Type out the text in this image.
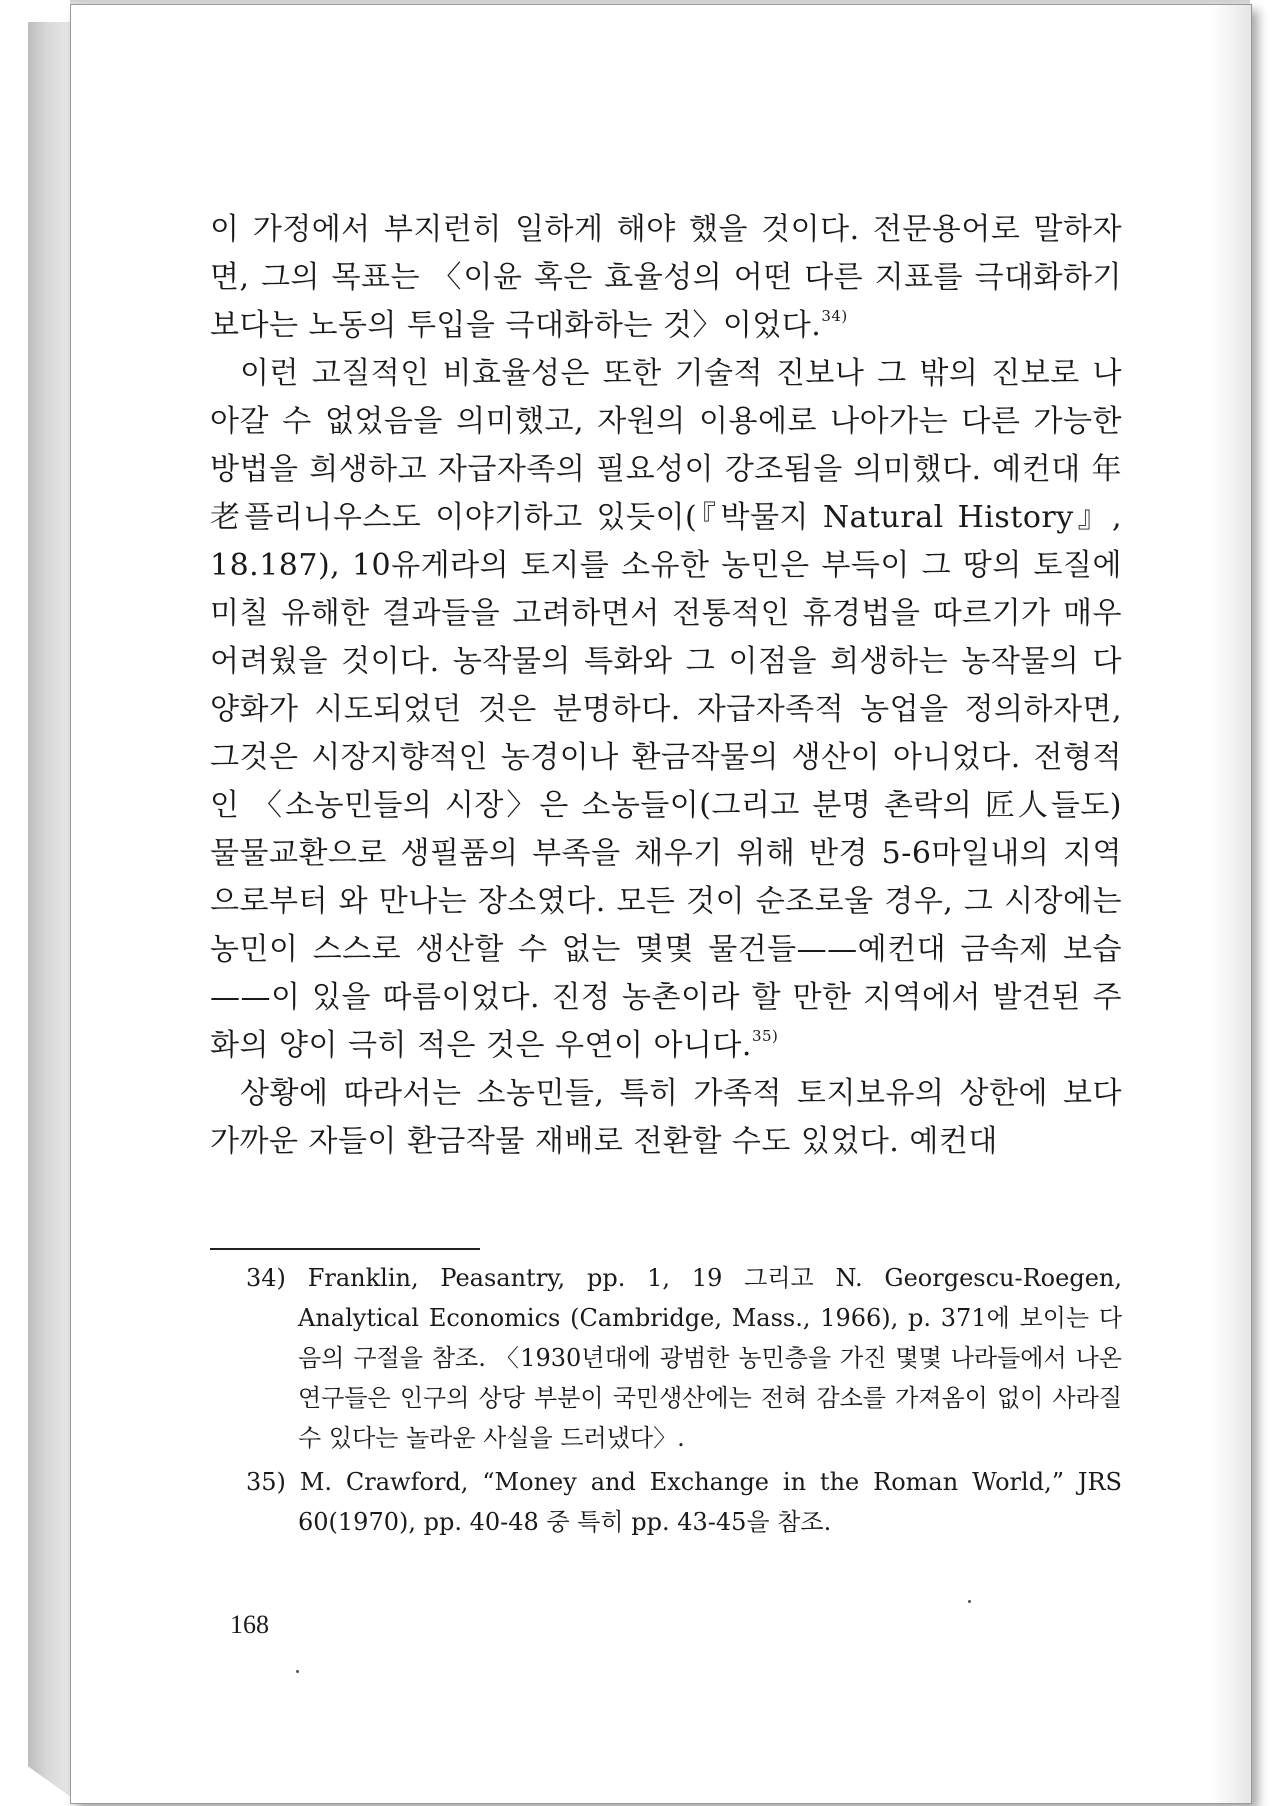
이 가정에서 부지런히 일하게 해야 했을 것이다. 전문용어로 말하자면, 그의 목표는 〈이윤 혹은 효율성의 어떤 다른 지표를 극대화하기보다는 노동의 투입을 극대화하는 것〉이었다.$^{34)}$

이런 고질적인 비효율성은 또한 기술적 진보나 그 밖의 진보로 나아갈 수 없었음을 의미했고, 자원의 이용에로 나아가는 다른 가능한 방법을 희생하고 자급자족의 필요성이 강조됨을 의미했다. 예컨대 年老플리니우스도 이야기하고 있듯이(『박물지 Natural History』, 18.187), 10유게라의 토지를 소유한 농민은 부득이 그 땅의 토질에 미칠 유해한 결과들을 고려하면서 전통적인 휴경법을 따르기가 매우 어려웠을 것이다. 농작물의 특화와 그 이점을 희생하는 농작물의 다양화가 시도되었던 것은 분명하다. 자급자족적 농업을 정의하자면, 그것은 시장지향적인 농경이나 환금작물의 생산이 아니었다. 전형적인 〈소농민들의 시장〉은 소농들이(그리고 분명 촌락의 匠人들도) 물물교환으로 생필품의 부족을 채우기 위해 반경 5-6마일내의 지역으로부터 와 만나는 장소였다. 모든 것이 순조로울 경우, 그 시장에는 농민이 스스로 생산할 수 없는 몇몇 물건들——예컨대 금속제 보습——이 있을 따름이었다. 진정 농촌이라 할 만한 지역에서 발견된 주화의 양이 극히 적은 것은 우연이 아니다.$^{35)}$

상황에 따라서는 소농민들, 특히 가족적 토지보유의 상한에 보다 가까운 자들이 환금작물 재배로 전환할 수도 있었다. 예컨대

34) Franklin, Peasantry, pp. 1, 19 그리고 N. Georgescu-Roegen, Analytical Economics (Cambridge, Mass., 1966), p. 371에 보이는 다음의 구절을 참조. 〈1930년대에 광범한 농민층을 가진 몇몇 나라들에서 나온 연구들은 인구의 상당 부분이 국민생산에는 전혀 감소를 가져옴이 없이 사라질 수 있다는 놀라운 사실을 드러냈다〉.

35) M. Crawford, “Money and Exchange in the Roman World,” JRS 60(1970), pp. 40-48 중 특히 pp. 43-45을 참조.

168
